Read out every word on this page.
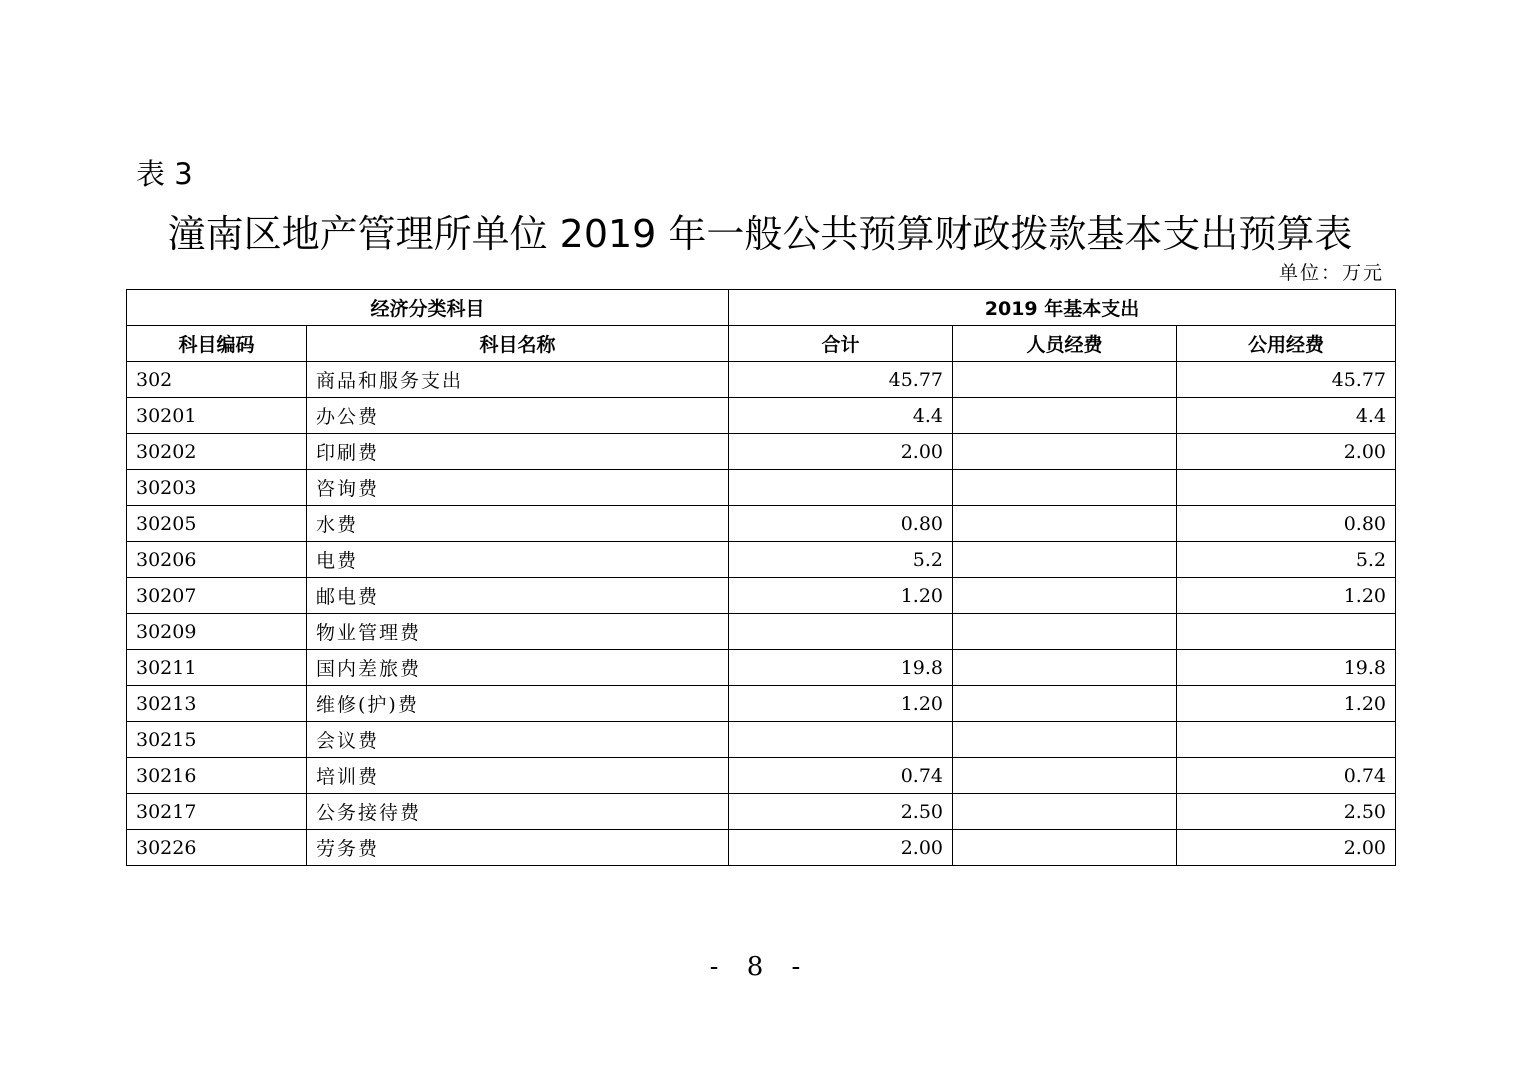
表 3
潼南区地产管理所单位 2019 年一般公共预算财政拨款基本支出预算表
单位：万元
经济分类科目		2019 年基本支出		
科目编码	科目名称	合计	人员经费	公用经费
302	商品和服务支出	45.77		45.77
30201	办公费	4.4		4.4
30202	印刷费	2.00		2.00
30203	咨询费			
30205	水费	0.80		0.80
30206	电费	5.2		5.2
30207	邮电费	1.20		1.20
30209	物业管理费			
30211	国内差旅费	19.8		19.8
30213	维修(护)费	1.20		1.20
30215	会议费			
30216	培训费	0.74		0.74
30217	公务接待费	2.50		2.50
30226	劳务费	2.00		2.00
- 8 -
